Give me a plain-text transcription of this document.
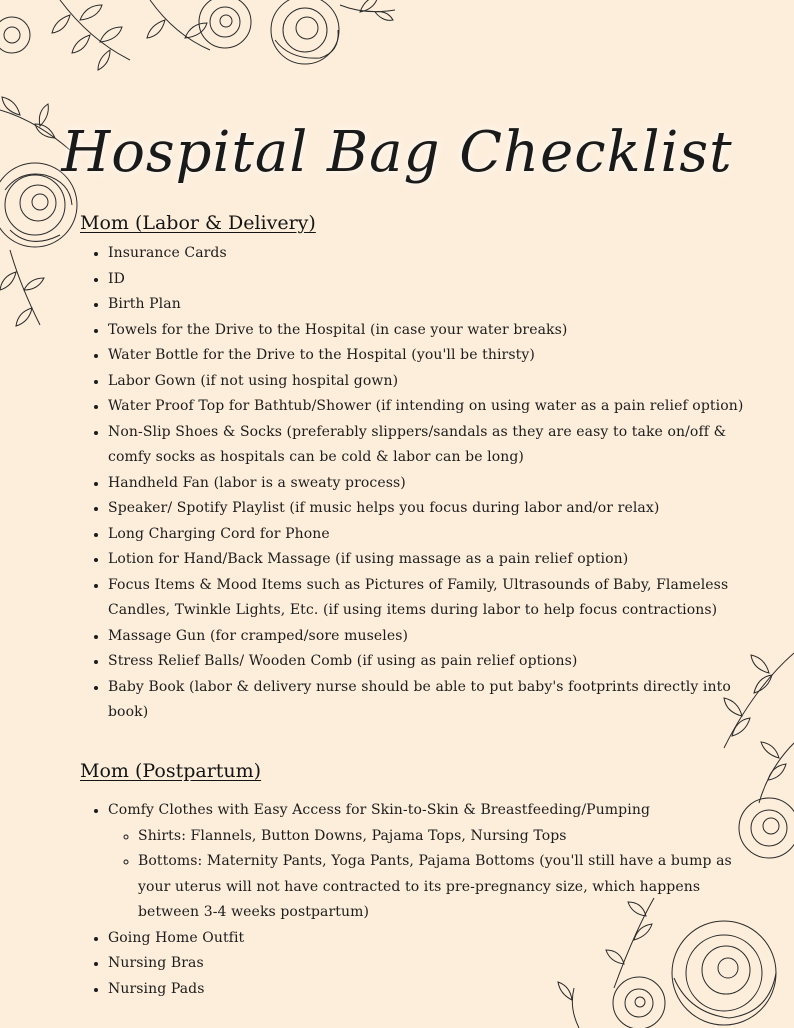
Hospital Bag Checklist
Mom (Labor & Delivery)
• Insurance Cards
• ID
• Birth Plan
• Towels for the Drive to the Hospital (in case your water breaks)
• Water Bottle for the Drive to the Hospital (you'll be thirsty)
• Labor Gown (if not using hospital gown)
• Water Proof Top for Bathtub/Shower (if intending on using water as a pain relief option)
• Non-Slip Shoes & Socks (preferably slippers/sandals as they are easy to take on/off & comfy socks as hospitals can be cold & labor can be long)
• Handheld Fan (labor is a sweaty process)
• Speaker/ Spotify Playlist (if music helps you focus during labor and/or relax)
• Long Charging Cord for Phone
• Lotion for Hand/Back Massage (if using massage as a pain relief option)
• Focus Items & Mood Items such as Pictures of Family, Ultrasounds of Baby, Flameless Candles, Twinkle Lights, Etc. (if using items during labor to help focus contractions)
• Massage Gun (for cramped/sore museles)
• Stress Relief Balls/ Wooden Comb (if using as pain relief options)
• Baby Book (labor & delivery nurse should be able to put baby's footprints directly into book)
Mom (Postpartum)
• Comfy Clothes with Easy Access for Skin-to-Skin & Breastfeeding/Pumping
◦ Shirts: Flannels, Button Downs, Pajama Tops, Nursing Tops
◦ Bottoms: Maternity Pants, Yoga Pants, Pajama Bottoms (you'll still have a bump as your uterus will not have contracted to its pre-pregnancy size, which happens between 3-4 weeks postpartum)
• Going Home Outfit
• Nursing Bras
• Nursing Pads
